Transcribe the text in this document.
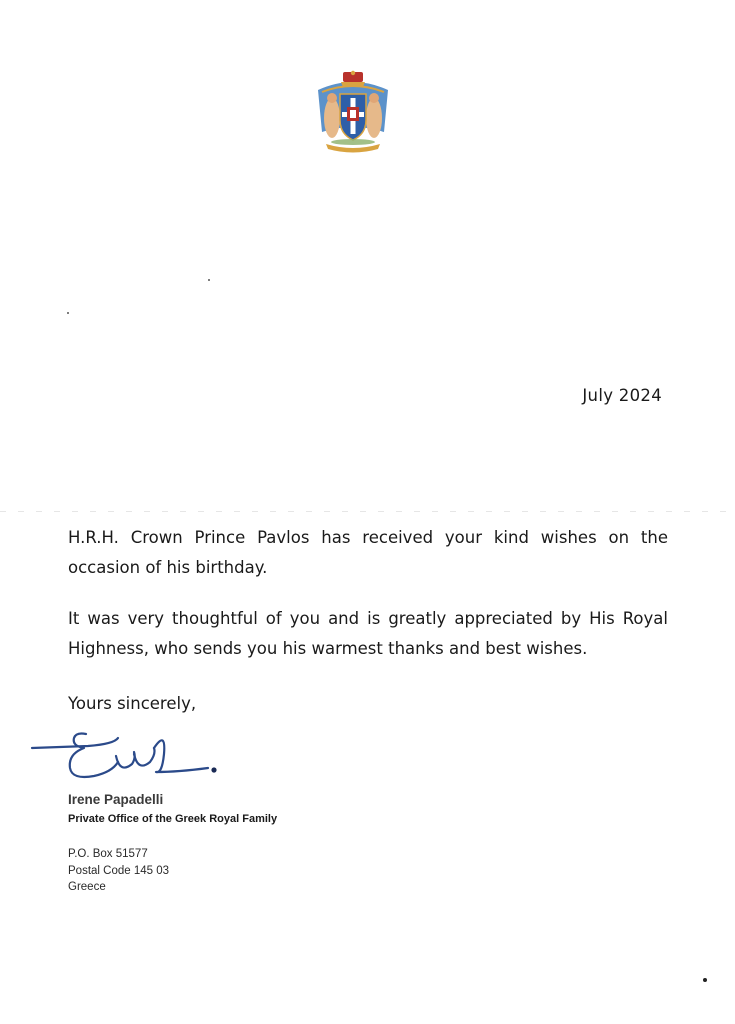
July 2024

H.R.H. Crown Prince Pavlos has received your kind wishes on the occasion of his birthday.

It was very thoughtful of you and is greatly appreciated by His Royal Highness, who sends you his warmest thanks and best wishes.

Yours sincerely,

Irene Papadelli
Private Office of the Greek Royal Family
P.O. Box 51577
Postal Code 145 03
Greece
